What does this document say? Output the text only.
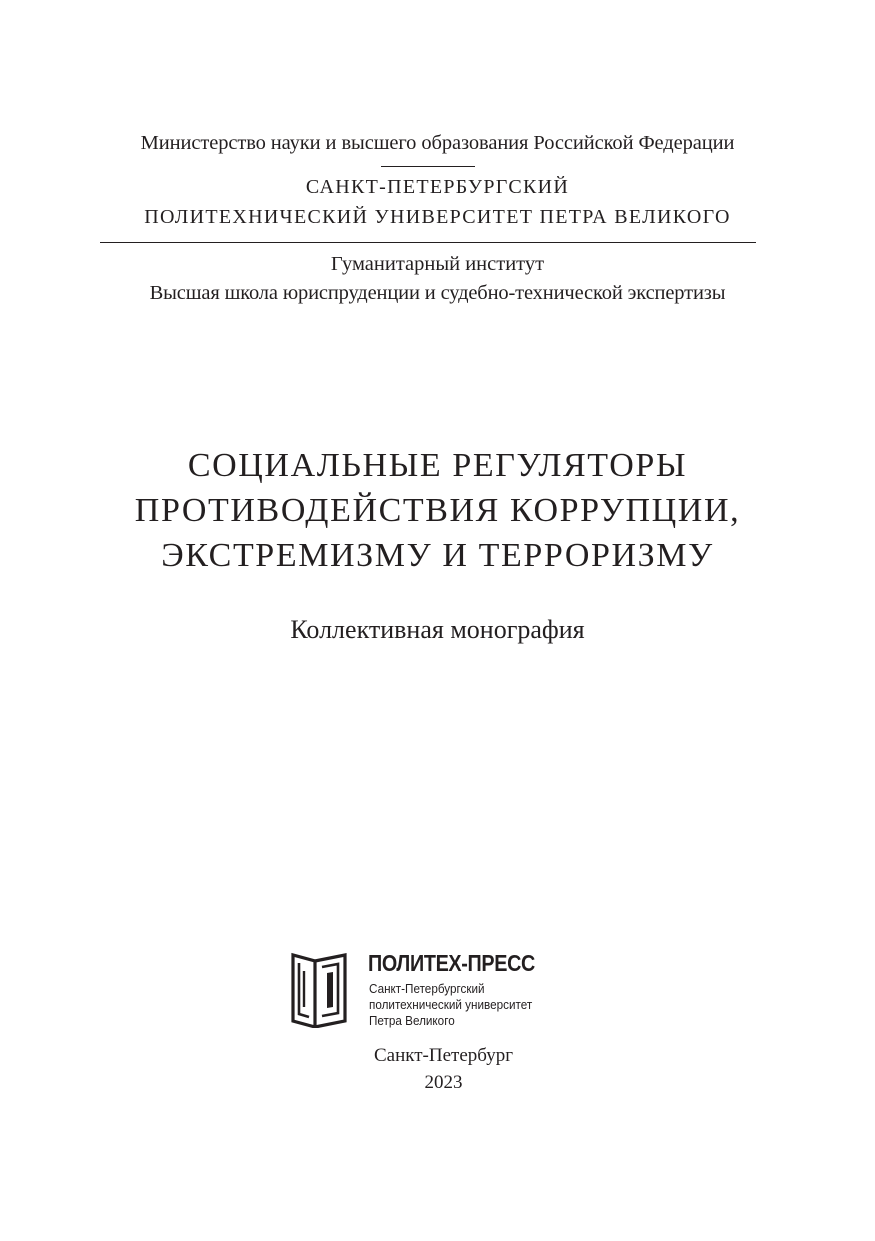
Министерство науки и высшего образования Российской Федерации
САНКТ-ПЕТЕРБУРГСКИЙ
ПОЛИТЕХНИЧЕСКИЙ УНИВЕРСИТЕТ ПЕТРА ВЕЛИКОГО
Гуманитарный институт
Высшая школа юриспруденции и судебно-технической экспертизы
СОЦИАЛЬНЫЕ РЕГУЛЯТОРЫ
ПРОТИВОДЕЙСТВИЯ КОРРУПЦИИ,
ЭКСТРЕМИЗМУ И ТЕРРОРИЗМУ
Коллективная монография
ПОЛИТЕХ-ПРЕСС
Санкт-Петербургский
политехнический университет
Петра Великого
Санкт-Петербург
2023
